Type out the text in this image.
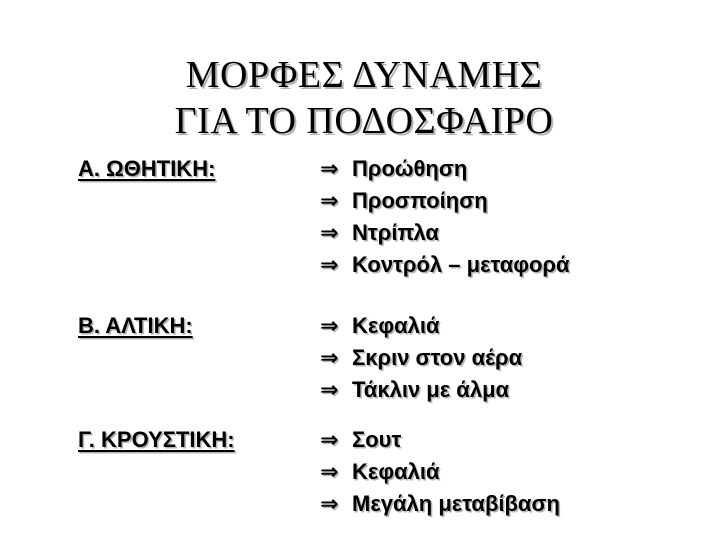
ΜΟΡΦΕΣ ΔΥΝΑΜΗΣ
ΓΙΑ ΤΟ ΠΟΔΟΣΦΑΙΡΟ
Α. ΩΘΗΤΙΚΗ:	⇒ Προώθηση
⇒ Προσποίηση
⇒ Ντρίπλα
⇒ Κοντρόλ – μεταφορά
Β. ΑΛΤΙΚΗ:	⇒ Κεφαλιά
⇒ Σκριν στον αέρα
⇒ Τάκλιν με άλμα
Γ. ΚΡΟΥΣΤΙΚΗ:	⇒ Σουτ
⇒ Κεφαλιά
⇒ Μεγάλη μεταβίβαση
